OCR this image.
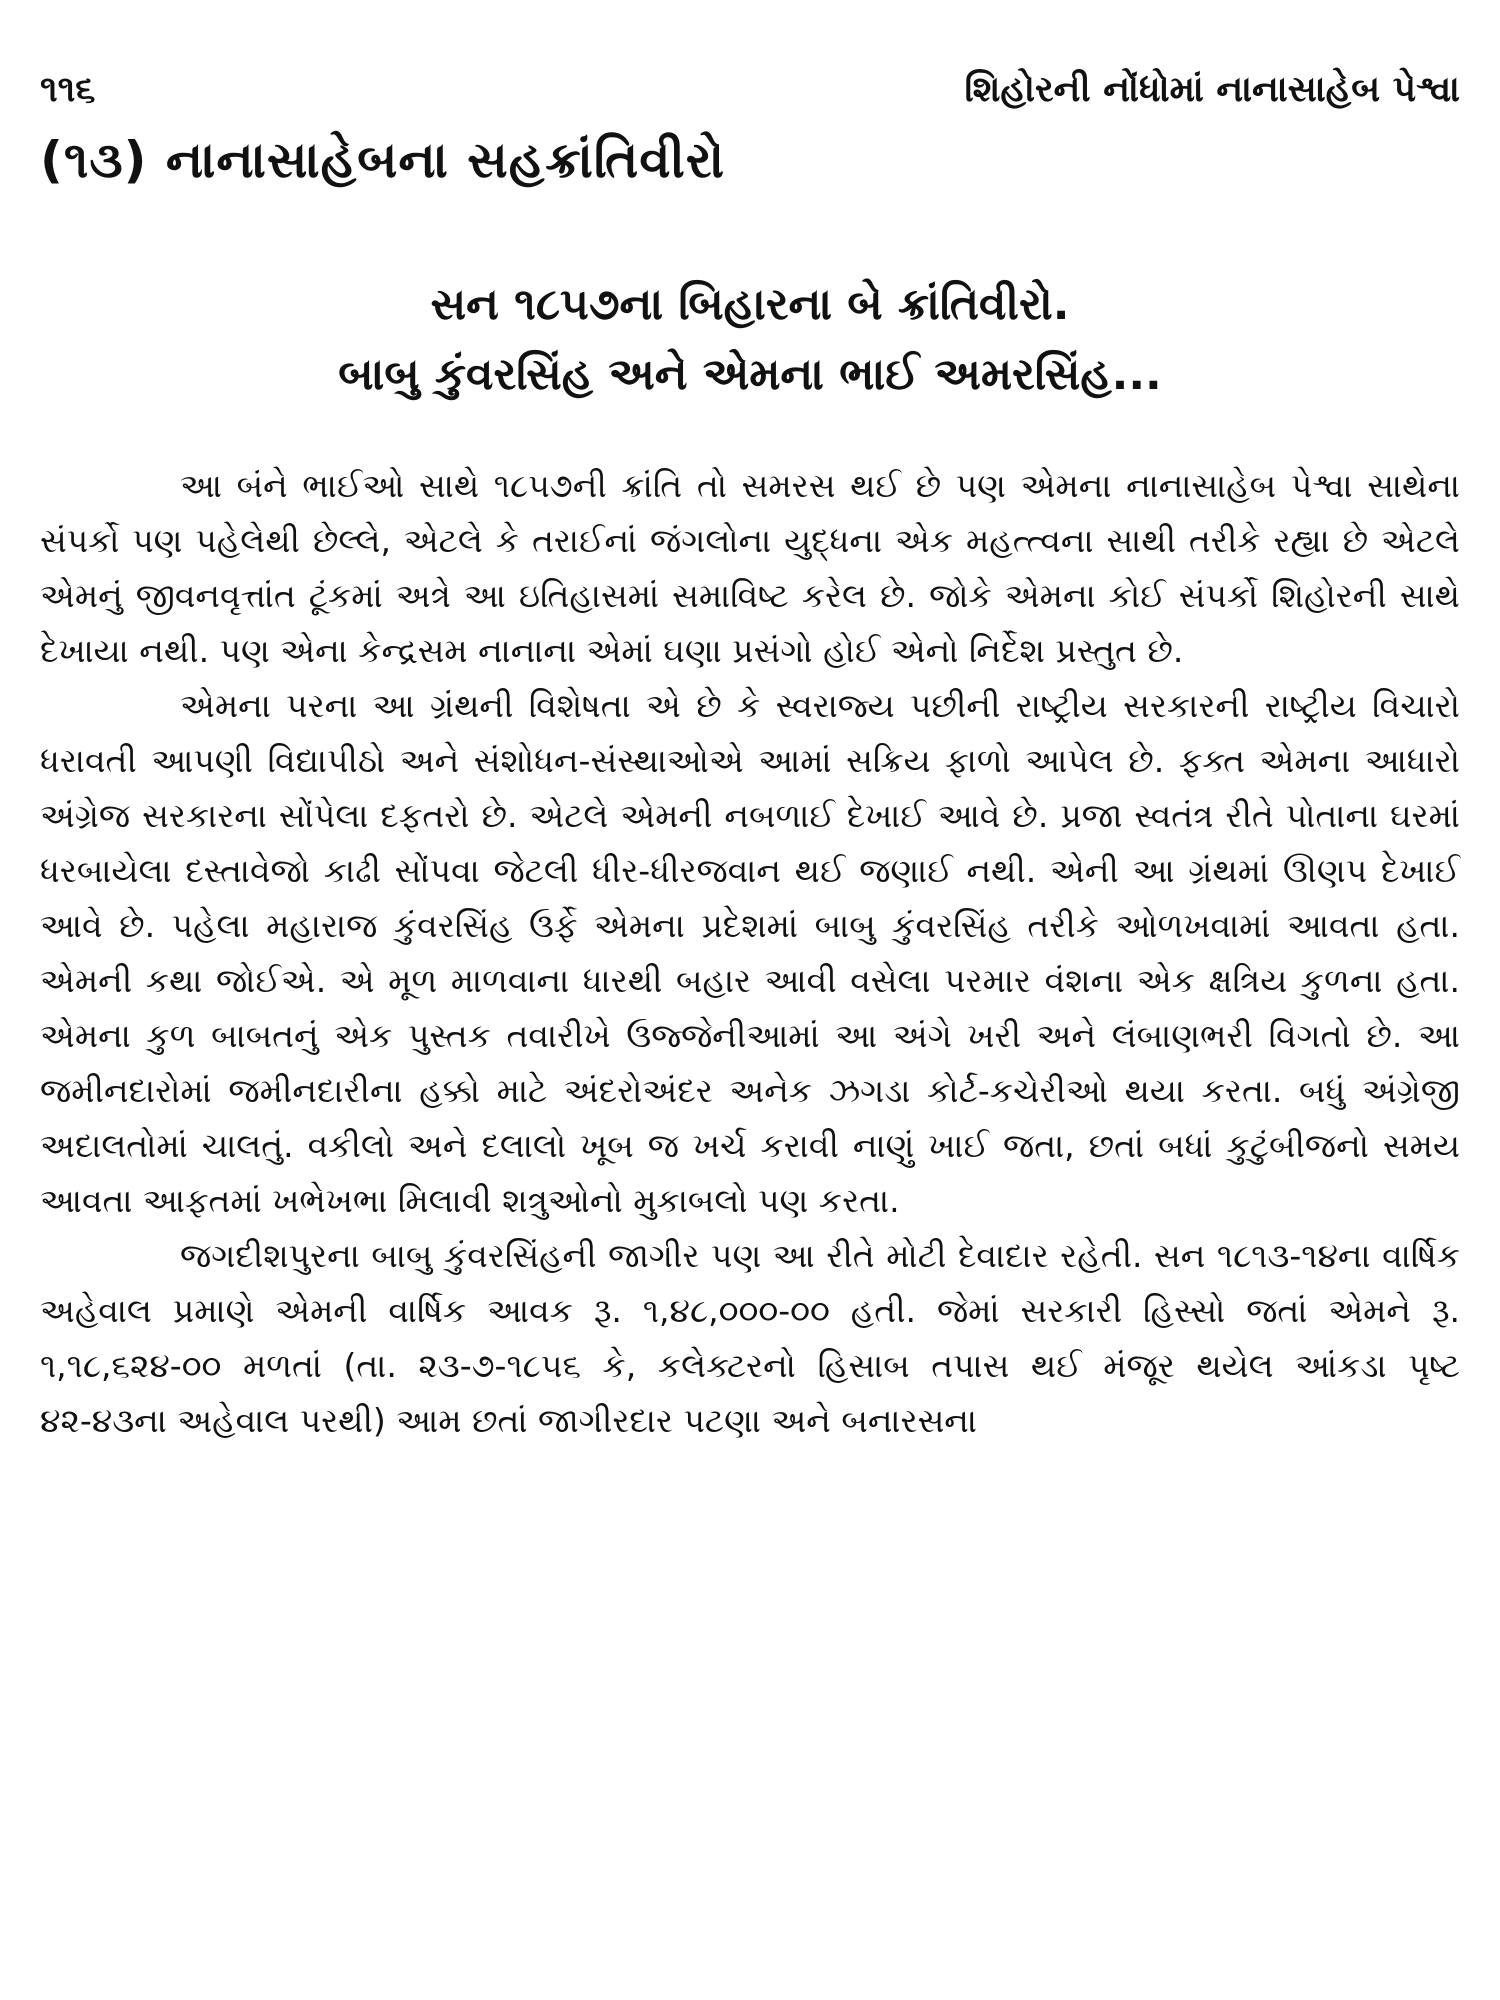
૧૧૬	શિહોરની નોંધોમાં નાનાસાહેબ પેશ્વા
(૧૩) નાનાસાહેબના સહક્રાંતિવીરો
સન ૧૮૫૭ના બિહારના બે ક્રાંતિવીરો.
બાબુ કુંવરસિંહ અને એમના ભાઈ અમરસિંહ...

આ બંને ભાઈઓ સાથે ૧૮૫૭ની ક્રાંતિ તો સમરસ થઈ છે પણ એમના નાનાસાહેબ પેશ્વા સાથેના સંપર્કો પણ પહેલેથી છેલ્લે, એટલે કે તરાઈનાં જંગલોના યુદ્ધના એક મહત્ત્વના સાથી તરીકે રહ્યા છે એટલે એમનું જીવનવૃત્તાંત ટૂંકમાં અત્રે આ ઇતિહાસમાં સમાવિષ્ટ કરેલ છે. જોકે એમના કોઈ સંપર્કો શિહોરની સાથે દેખાયા નથી. પણ એના કેન્દ્રસમ નાનાના એમાં ઘણા પ્રસંગો હોઈ એનો નિર્દેશ પ્રસ્તુત છે.

એમના પરના આ ગ્રંથની વિશેષતા એ છે કે સ્વરાજ્ય પછીની રાષ્ટ્રીય સરકારની રાષ્ટ્રીય વિચારો ધરાવતી આપણી વિદ્યાપીઠો અને સંશોધન-સંસ્થાઓએ આમાં સક્રિય ફાળો આપેલ છે. ફક્ત એમના આધારો અંગ્રેજ સરકારના સોંપેલા દફતરો છે. એટલે એમની નબળાઈ દેખાઈ આવે છે. પ્રજા સ્વતંત્ર રીતે પોતાના ઘરમાં ધરબાયેલા દસ્તાવેજો કાઢી સોંપવા જેટલી ધીર-ધીરજવાન થઈ જણાઈ નથી. એની આ ગ્રંથમાં ઊણપ દેખાઈ આવે છે. પહેલા મહારાજ કુંવરસિંહ ઉર્ફે એમના પ્રદેશમાં બાબુ કુંવરસિંહ તરીકે ઓળખવામાં આવતા હતા. એમની કથા જોઈએ. એ મૂળ માળવાના ધારથી બહાર આવી વસેલા પરમાર વંશના એક ક્ષત્રિય કુળના હતા. એમના કુળ બાબતનું એક પુસ્તક તવારીખે ઉજ્જેનીઆમાં આ અંગે ખરી અને લંબાણભરી વિગતો છે. આ જમીનદારોમાં જમીનદારીના હક્કો માટે અંદરોઅંદર અનેક ઝગડા કોર્ટ-કચેરીઓ થયા કરતા. બધું અંગ્રેજી અદાલતોમાં ચાલતું. વકીલો અને દલાલો ખૂબ જ ખર્ચ કરાવી નાણું ખાઈ જતા, છતાં બધાં કુટુંબીજનો સમય આવતા આફતમાં ખભેખભા મિલાવી શત્રુઓનો મુકાબલો પણ કરતા.

જગદીશપુરના બાબુ કુંવરસિંહની જાગીર પણ આ રીતે મોટી દેવાદાર રહેતી. સન ૧૮૧૩-૧૪ના વાર્ષિક અહેવાલ પ્રમાણે એમની વાર્ષિક આવક રૂ. ૧,૪૮,૦૦૦-૦૦ હતી. જેમાં સરકારી હિસ્સો જતાં એમને રૂ. ૧,૧૮,૬૨૪-૦૦ મળતાં (તા. ૨૩-૭-૧૮૫૬ કે, કલેક્ટરનો હિસાબ તપાસ થઈ મંજૂર થયેલ આંકડા પૃષ્ટ ૪૨-૪૩ના અહેવાલ પરથી) આમ છતાં જાગીરદાર પટણા અને બનારસના
